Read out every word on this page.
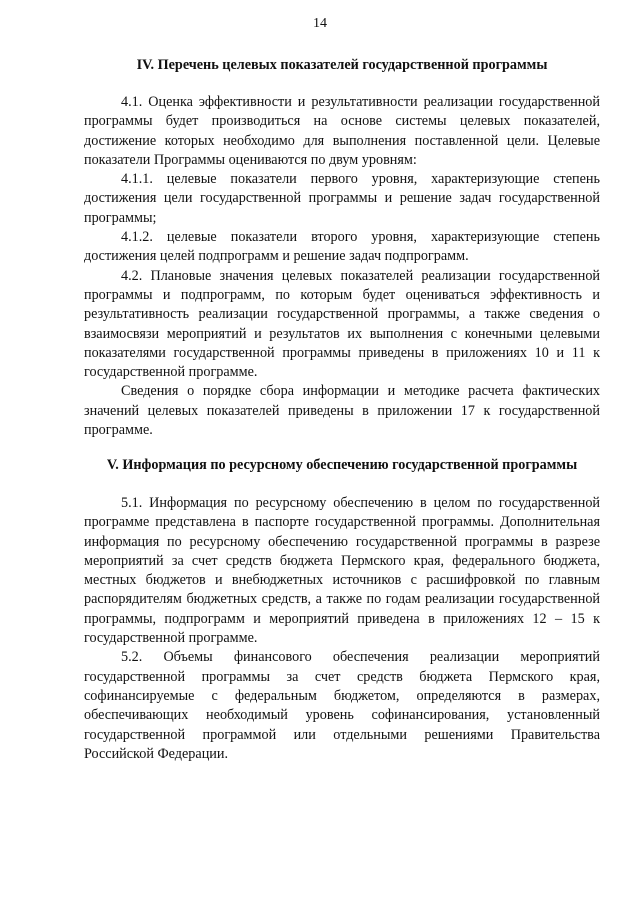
14
IV. Перечень целевых показателей государственной программы

4.1. Оценка эффективности и результативности реализации государственной программы будет производиться на основе системы целевых показателей, достижение которых необходимо для выполнения поставленной цели. Целевые показатели Программы оцениваются по двум уровням:

4.1.1. целевые показатели первого уровня, характеризующие степень достижения цели государственной программы и решение задач государственной программы;

4.1.2. целевые показатели второго уровня, характеризующие степень достижения целей подпрограмм и решение задач подпрограмм.

4.2. Плановые значения целевых показателей реализации государственной программы и подпрограмм, по которым будет оцениваться эффективность и результативность реализации государственной программы, а также сведения о взаимосвязи мероприятий и результатов их выполнения с конечными целевыми показателями государственной программы приведены в приложениях 10 и 11 к государственной программе.

Сведения о порядке сбора информации и методике расчета фактических значений целевых показателей приведены в приложении 17 к государственной программе.

V. Информация по ресурсному обеспечению государственной программы

5.1. Информация по ресурсному обеспечению в целом по государственной программе представлена в паспорте государственной программы. Дополнительная информация по ресурсному обеспечению государственной программы в разрезе мероприятий за счет средств бюджета Пермского края, федерального бюджета, местных бюджетов и внебюджетных источников с расшифровкой по главным распорядителям бюджетных средств, а также по годам реализации государственной программы, подпрограмм и мероприятий приведена в приложениях 12 – 15 к государственной программе.

5.2. Объемы финансового обеспечения реализации мероприятий государственной программы за счет средств бюджета Пермского края, софинансируемые с федеральным бюджетом, определяются в размерах, обеспечивающих необходимый уровень софинансирования, установленный государственной программой или отдельными решениями Правительства Российской Федерации.
